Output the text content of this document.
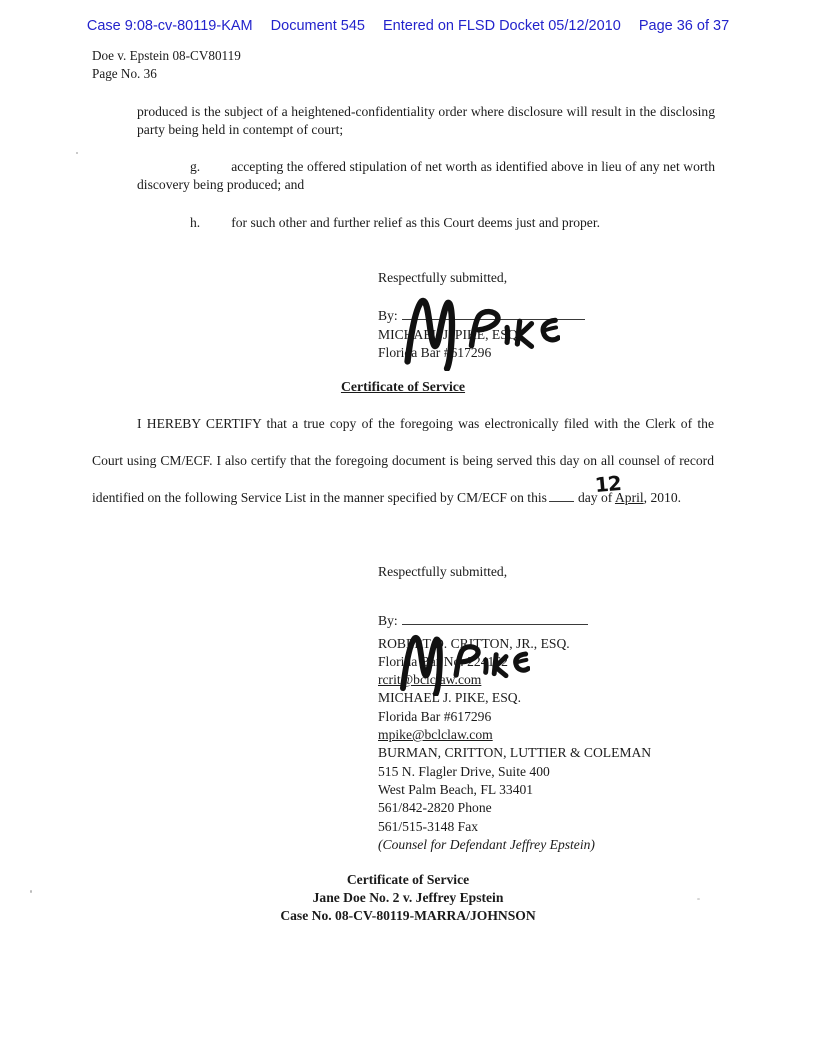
Case 9:08-cv-80119-KAM Document 545 Entered on FLSD Docket 05/12/2010 Page 36 of 37
Doe v. Epstein 08-CV80119
Page No. 36

produced is the subject of a heightened-confidentiality order where disclosure will result in the disclosing party being held in contempt of court;

g. accepting the offered stipulation of net worth as identified above in lieu of any net worth discovery being produced; and

h. for such other and further relief as this Court deems just and proper.

Respectfully submitted,
By:
MICHAEL J. PIKE, ESQ.
Florida Bar #617296
Certificate of Service

I HEREBY CERTIFY that a true copy of the foregoing was electronically filed with the Clerk of the Court using CM/ECF. I also certify that the foregoing document is being served this day on all counsel of record identified on the following Service List in the manner specified by CM/ECF on this
12
day of April, 2010.

Respectfully submitted,
By:
ROBERT D. CRITTON, JR., ESQ.
Florida Bar No. 224162
rcrit@bclclaw.com
MICHAEL J. PIKE, ESQ.
Florida Bar #617296
mpike@bclclaw.com
BURMAN, CRITTON, LUTTIER & COLEMAN
515 N. Flagler Drive, Suite 400
West Palm Beach, FL 33401
561/842-2820 Phone
561/515-3148 Fax
(Counsel for Defendant Jeffrey Epstein)
Certificate of Service
Jane Doe No. 2 v. Jeffrey Epstein
Case No. 08-CV-80119-MARRA/JOHNSON
